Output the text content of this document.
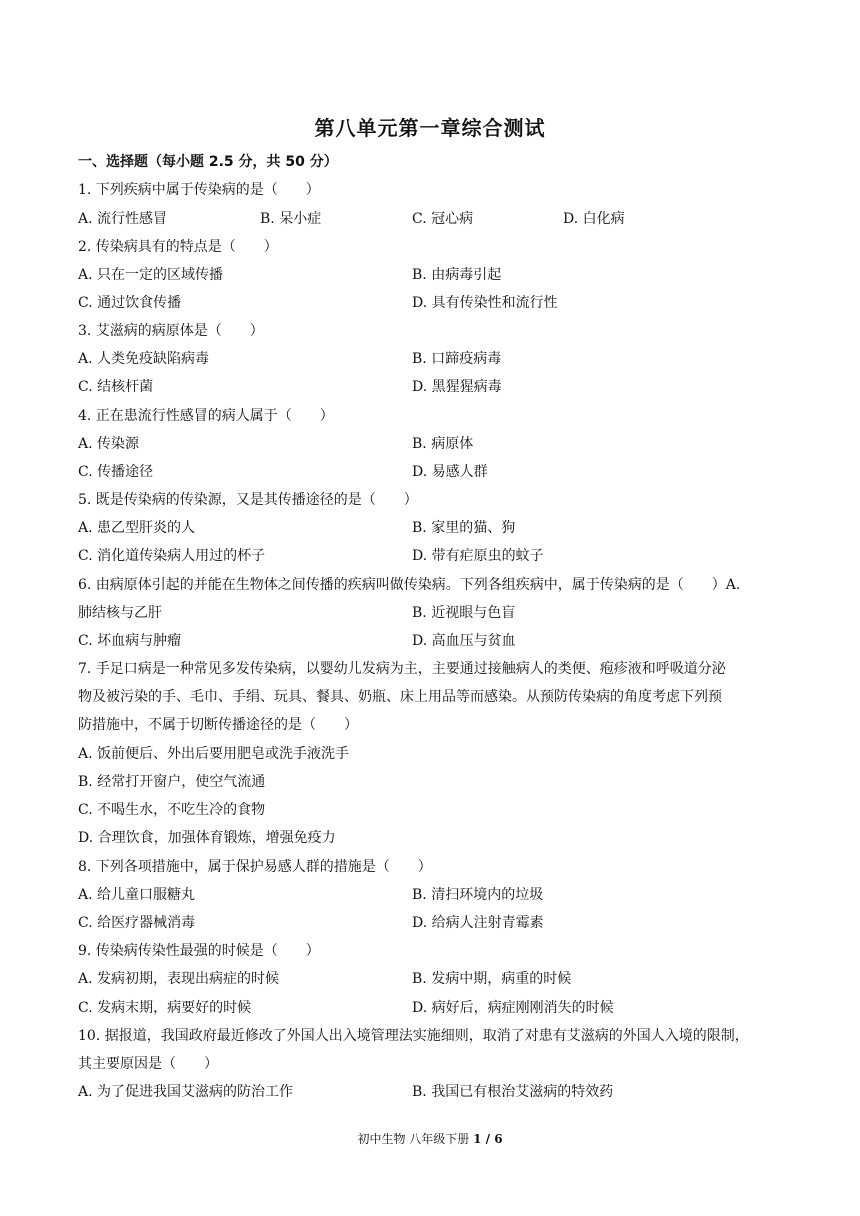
第八单元第一章综合测试
一、选择题（每小题 2.5 分，共 50 分）
1. 下列疾病中属于传染病的是（　　）
A. 流行性感冒	B. 呆小症	C. 冠心病	D. 白化病
2. 传染病具有的特点是（　　）
A. 只在一定的区域传播	B. 由病毒引起
C. 通过饮食传播	D. 具有传染性和流行性
3. 艾滋病的病原体是（　　）
A. 人类免疫缺陷病毒	B. 口蹄疫病毒
C. 结核杆菌	D. 黑猩猩病毒
4. 正在患流行性感冒的病人属于（　　）
A. 传染源	B. 病原体
C. 传播途径	D. 易感人群
5. 既是传染病的传染源，又是其传播途径的是（　　）
A. 患乙型肝炎的人	B. 家里的猫、狗
C. 消化道传染病人用过的杯子	D. 带有疟原虫的蚊子
6. 由病原体引起的并能在生物体之间传播的疾病叫做传染病。下列各组疾病中，属于传染病的是（　　）A.
肺结核与乙肝	B. 近视眼与色盲
C. 坏血病与肿瘤	D. 高血压与贫血
7. 手足口病是一种常见多发传染病，以婴幼儿发病为主，主要通过接触病人的类便、疱疹液和呼吸道分泌
物及被污染的手、毛巾、手绢、玩具、餐具、奶瓶、床上用品等而感染。从预防传染病的角度考虑下列预
防措施中，不属于切断传播途径的是（　　）
A. 饭前便后、外出后要用肥皂或洗手液洗手
B. 经常打开窗户，使空气流通
C. 不喝生水，不吃生冷的食物
D. 合理饮食，加强体育锻炼，增强免疫力
8. 下列各项措施中，属于保护易感人群的措施是（　　）
A. 给儿童口服糖丸	B. 清扫环境内的垃圾
C. 给医疗器械消毒	D. 给病人注射青霉素
9. 传染病传染性最强的时候是（　　）
A. 发病初期，表现出病症的时候	B. 发病中期，病重的时候
C. 发病末期，病要好的时候	D. 病好后，病症刚刚消失的时候
10. 据报道，我国政府最近修改了外国人出入境管理法实施细则，取消了对患有艾滋病的外国人入境的限制，
其主要原因是（　　）
A. 为了促进我国艾滋病的防治工作	B. 我国已有根治艾滋病的特效药
初中生物 八年级下册 1 / 6
